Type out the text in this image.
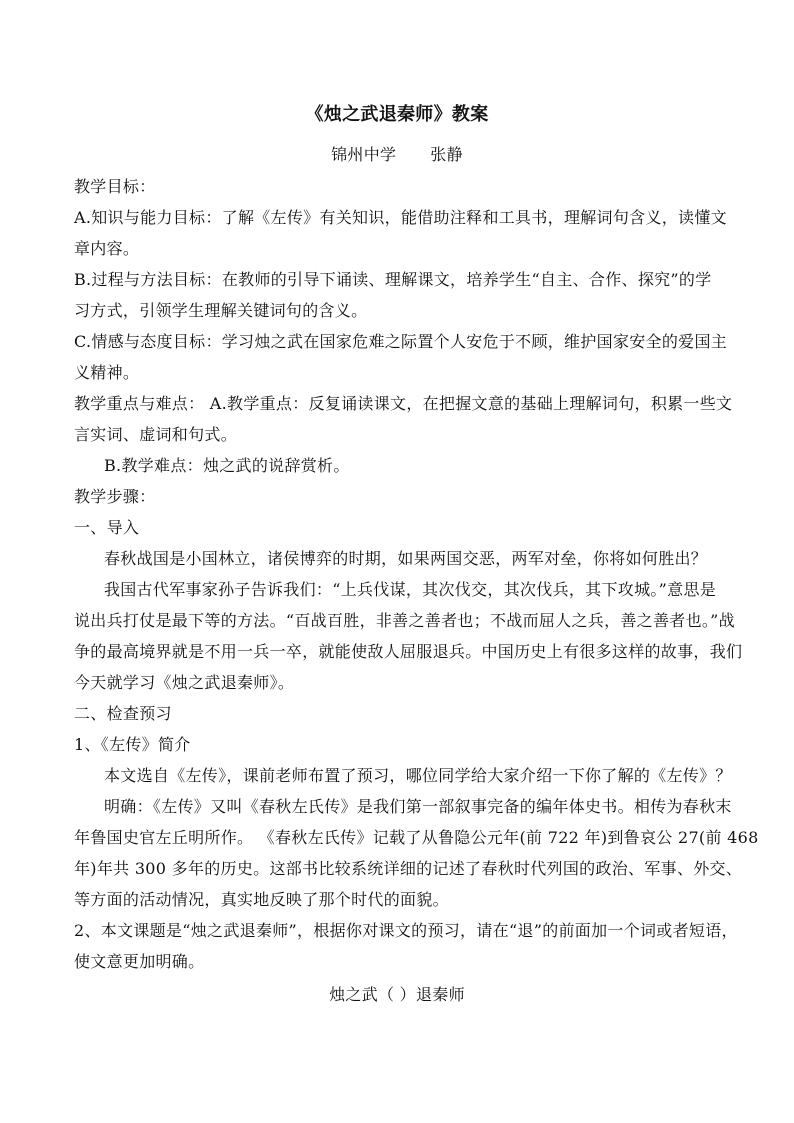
《烛之武退秦师》教案
锦州中学 张静
教学目标：
A.知识与能力目标：了解《左传》有关知识，能借助注释和工具书，理解词句含义，读懂文
章内容。
B.过程与方法目标：在教师的引导下诵读、理解课文，培养学生“自主、合作、探究”的学
习方式，引领学生理解关键词句的含义。
C.情感与态度目标：学习烛之武在国家危难之际置个人安危于不顾，维护国家安全的爱国主
义精神。
教学重点与难点： A.教学重点：反复诵读课文，在把握文意的基础上理解词句，积累一些文
言实词、虚词和句式。
B.教学难点：烛之武的说辞赏析。
教学步骤：
一、导入
春秋战国是小国林立，诸侯博弈的时期，如果两国交恶，两军对垒，你将如何胜出？
我国古代军事家孙子告诉我们：“上兵伐谋，其次伐交，其次伐兵，其下攻城。”意思是
说出兵打仗是最下等的方法。“百战百胜，非善之善者也；不战而屈人之兵，善之善者也。”战
争的最高境界就是不用一兵一卒，就能使敌人屈服退兵。中国历史上有很多这样的故事，我们
今天就学习《烛之武退秦师》。
二、检查预习
1、《左传》简介
本文选自《左传》，课前老师布置了预习，哪位同学给大家介绍一下你了解的《左传》？
明确：《左传》又叫《春秋左氏传》是我们第一部叙事完备的编年体史书。相传为春秋末
年鲁国史官左丘明所作。 《春秋左氏传》记载了从鲁隐公元年(前 722 年)到鲁哀公 27(前 468
年)年共 300 多年的历史。这部书比较系统详细的记述了春秋时代列国的政治、军事、外交、
等方面的活动情况，真实地反映了那个时代的面貌。
2、本文课题是“烛之武退秦师”，根据你对课文的预习，请在“退”的前面加一个词或者短语，
使文意更加明确。
烛之武（ ）退秦师
